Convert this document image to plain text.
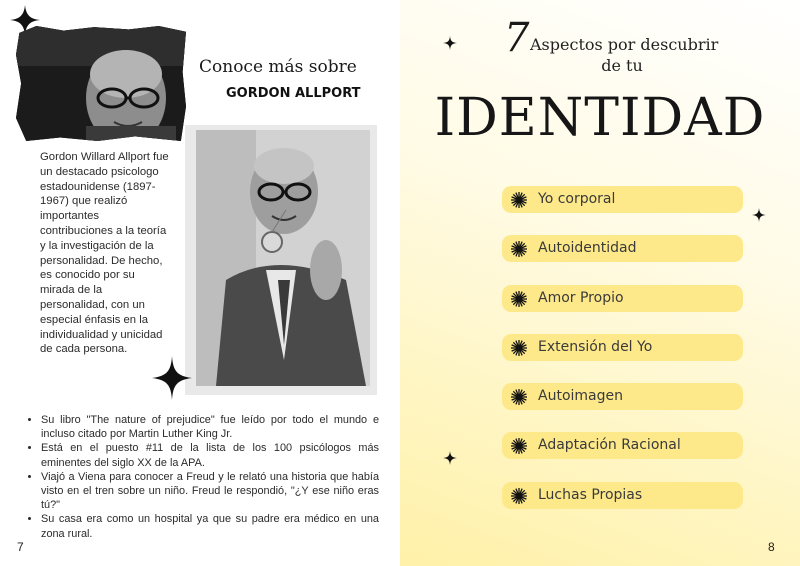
Conoce más sobre
GORDON ALLPORT

Gordon Willard Allport fue un destacado psicologo estadounidense (1897-1967) que realizó importantes contribuciones a la teoría y la investigación de la personalidad. De hecho, es conocido por su mirada de la personalidad, con un especial énfasis en la individualidad y unicidad de cada persona.

• Su libro "The nature of prejudice" fue leído por todo el mundo e incluso citado por Martin Luther King Jr.
• Está en el puesto #11 de la lista de los 100 psicólogos más eminentes del siglo XX de la APA.
• Viajó a Viena para conocer a Freud y le relató una historia que había visto en el tren sobre un niño. Freud le respondió, "¿Y ese niño eras tú?"
• Su casa era como un hospital ya que su padre era médico en una zona rural.
7
7 Aspectos por descubrir
de tu
IDENTIDAD
Yo corporal
Autoidentidad
Amor Propio
Extensión del Yo
Autoimagen
Adaptación Racional
Luchas Propias
8
